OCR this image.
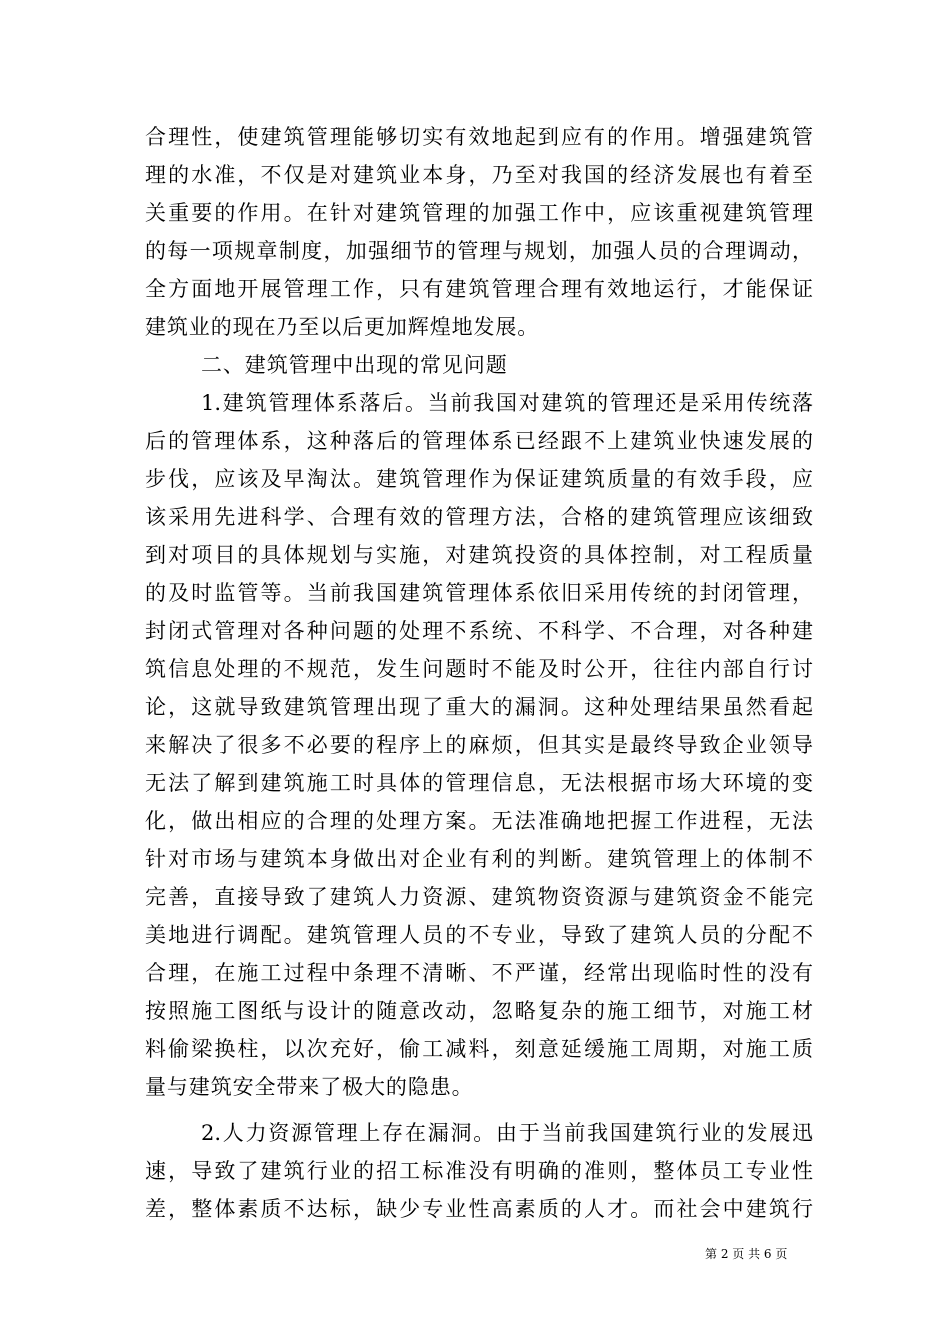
合理性，使建筑管理能够切实有效地起到应有的作用。增强建筑管
理的水准，不仅是对建筑业本身，乃至对我国的经济发展也有着至
关重要的作用。在针对建筑管理的加强工作中，应该重视建筑管理
的每一项规章制度，加强细节的管理与规划，加强人员的合理调动，
全方面地开展管理工作，只有建筑管理合理有效地运行，才能保证
建筑业的现在乃至以后更加辉煌地发展。
二、建筑管理中出现的常见问题
1.建筑管理体系落后。当前我国对建筑的管理还是采用传统落
后的管理体系，这种落后的管理体系已经跟不上建筑业快速发展的
步伐，应该及早淘汰。建筑管理作为保证建筑质量的有效手段，应
该采用先进科学、合理有效的管理方法，合格的建筑管理应该细致
到对项目的具体规划与实施，对建筑投资的具体控制，对工程质量
的及时监管等。当前我国建筑管理体系依旧采用传统的封闭管理，
封闭式管理对各种问题的处理不系统、不科学、不合理，对各种建
筑信息处理的不规范，发生问题时不能及时公开，往往内部自行讨
论，这就导致建筑管理出现了重大的漏洞。这种处理结果虽然看起
来解决了很多不必要的程序上的麻烦，但其实是最终导致企业领导
无法了解到建筑施工时具体的管理信息，无法根据市场大环境的变
化，做出相应的合理的处理方案。无法准确地把握工作进程，无法
针对市场与建筑本身做出对企业有利的判断。建筑管理上的体制不
完善，直接导致了建筑人力资源、建筑物资资源与建筑资金不能完
美地进行调配。建筑管理人员的不专业，导致了建筑人员的分配不
合理，在施工过程中条理不清晰、不严谨，经常出现临时性的没有
按照施工图纸与设计的随意改动，忽略复杂的施工细节，对施工材
料偷梁换柱，以次充好，偷工减料，刻意延缓施工周期，对施工质
量与建筑安全带来了极大的隐患。
2.人力资源管理上存在漏洞。由于当前我国建筑行业的发展迅
速，导致了建筑行业的招工标准没有明确的准则，整体员工专业性
差，整体素质不达标，缺少专业性高素质的人才。而社会中建筑行
第 2 页 共 6 页
